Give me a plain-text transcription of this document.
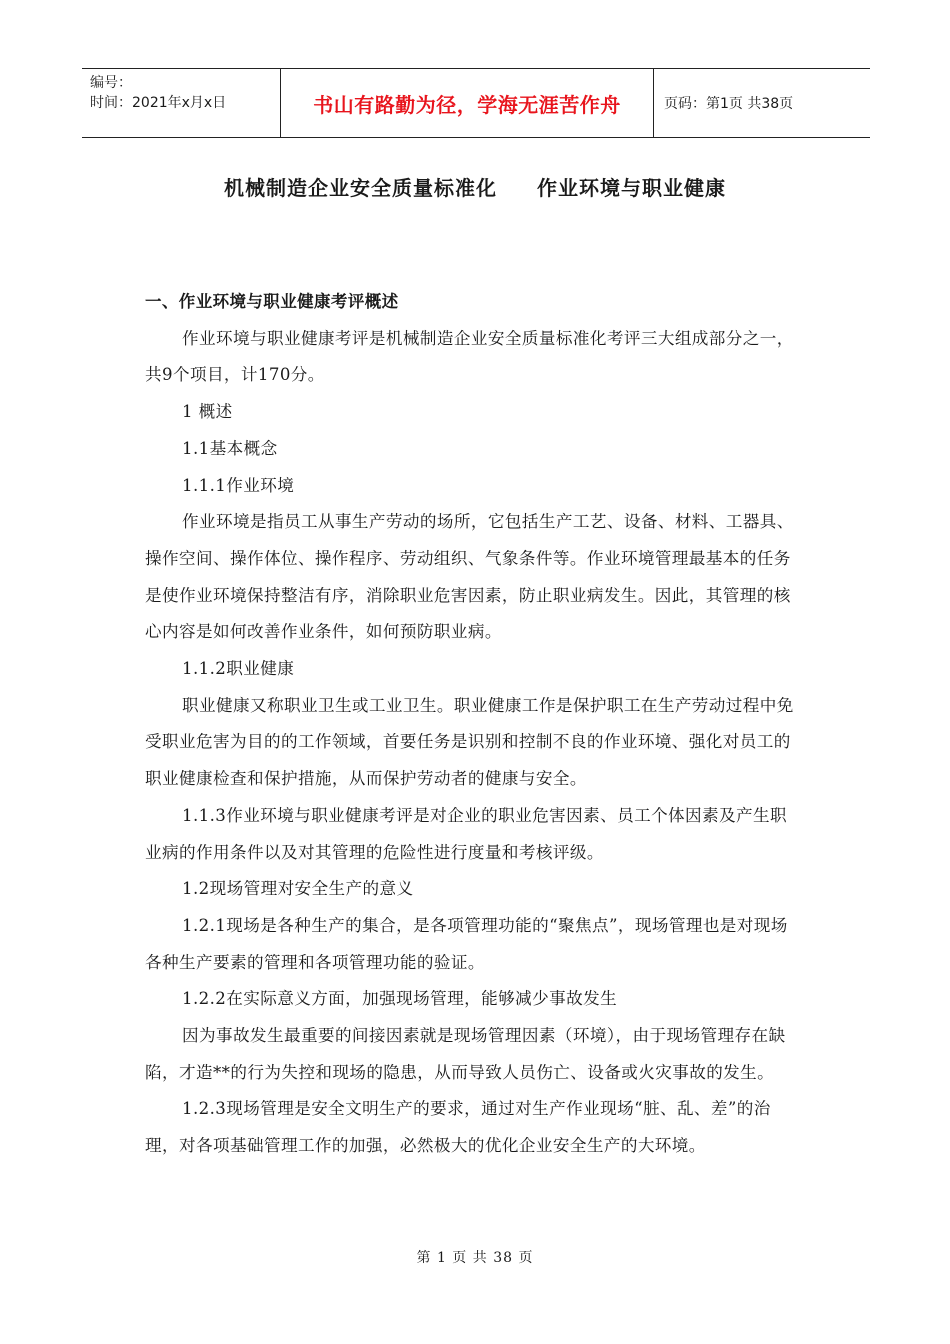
编号：
时间：2021年x月x日	书山有路勤为径，学海无涯苦作舟	页码：第1页 共38页
机械制造企业安全质量标准化 作业环境与职业健康

一、作业环境与职业健康考评概述

作业环境与职业健康考评是机械制造企业安全质量标准化考评三大组成部分之一，共9个项目，计170分。

1 概述

1.1基本概念

1.1.1作业环境

作业环境是指员工从事生产劳动的场所，它包括生产工艺、设备、材料、工器具、操作空间、操作体位、操作程序、劳动组织、气象条件等。作业环境管理最基本的任务是使作业环境保持整洁有序，消除职业危害因素，防止职业病发生。因此，其管理的核心内容是如何改善作业条件，如何预防职业病。

1.1.2职业健康

职业健康又称职业卫生或工业卫生。职业健康工作是保护职工在生产劳动过程中免受职业危害为目的的工作领域，首要任务是识别和控制不良的作业环境、强化对员工的职业健康检查和保护措施，从而保护劳动者的健康与安全。

1.1.3作业环境与职业健康考评是对企业的职业危害因素、员工个体因素及产生职业病的作用条件以及对其管理的危险性进行度量和考核评级。

1.2现场管理对安全生产的意义

1.2.1现场是各种生产的集合，是各项管理功能的“聚焦点”，现场管理也是对现场各种生产要素的管理和各项管理功能的验证。

1.2.2在实际意义方面，加强现场管理，能够减少事故发生

因为事故发生最重要的间接因素就是现场管理因素（环境），由于现场管理存在缺陷，才造**的行为失控和现场的隐患，从而导致人员伤亡、设备或火灾事故的发生。

1.2.3现场管理是安全文明生产的要求，通过对生产作业现场“脏、乱、差”的治理，对各项基础管理工作的加强，必然极大的优化企业安全生产的大环境。

第 1 页 共 38 页
